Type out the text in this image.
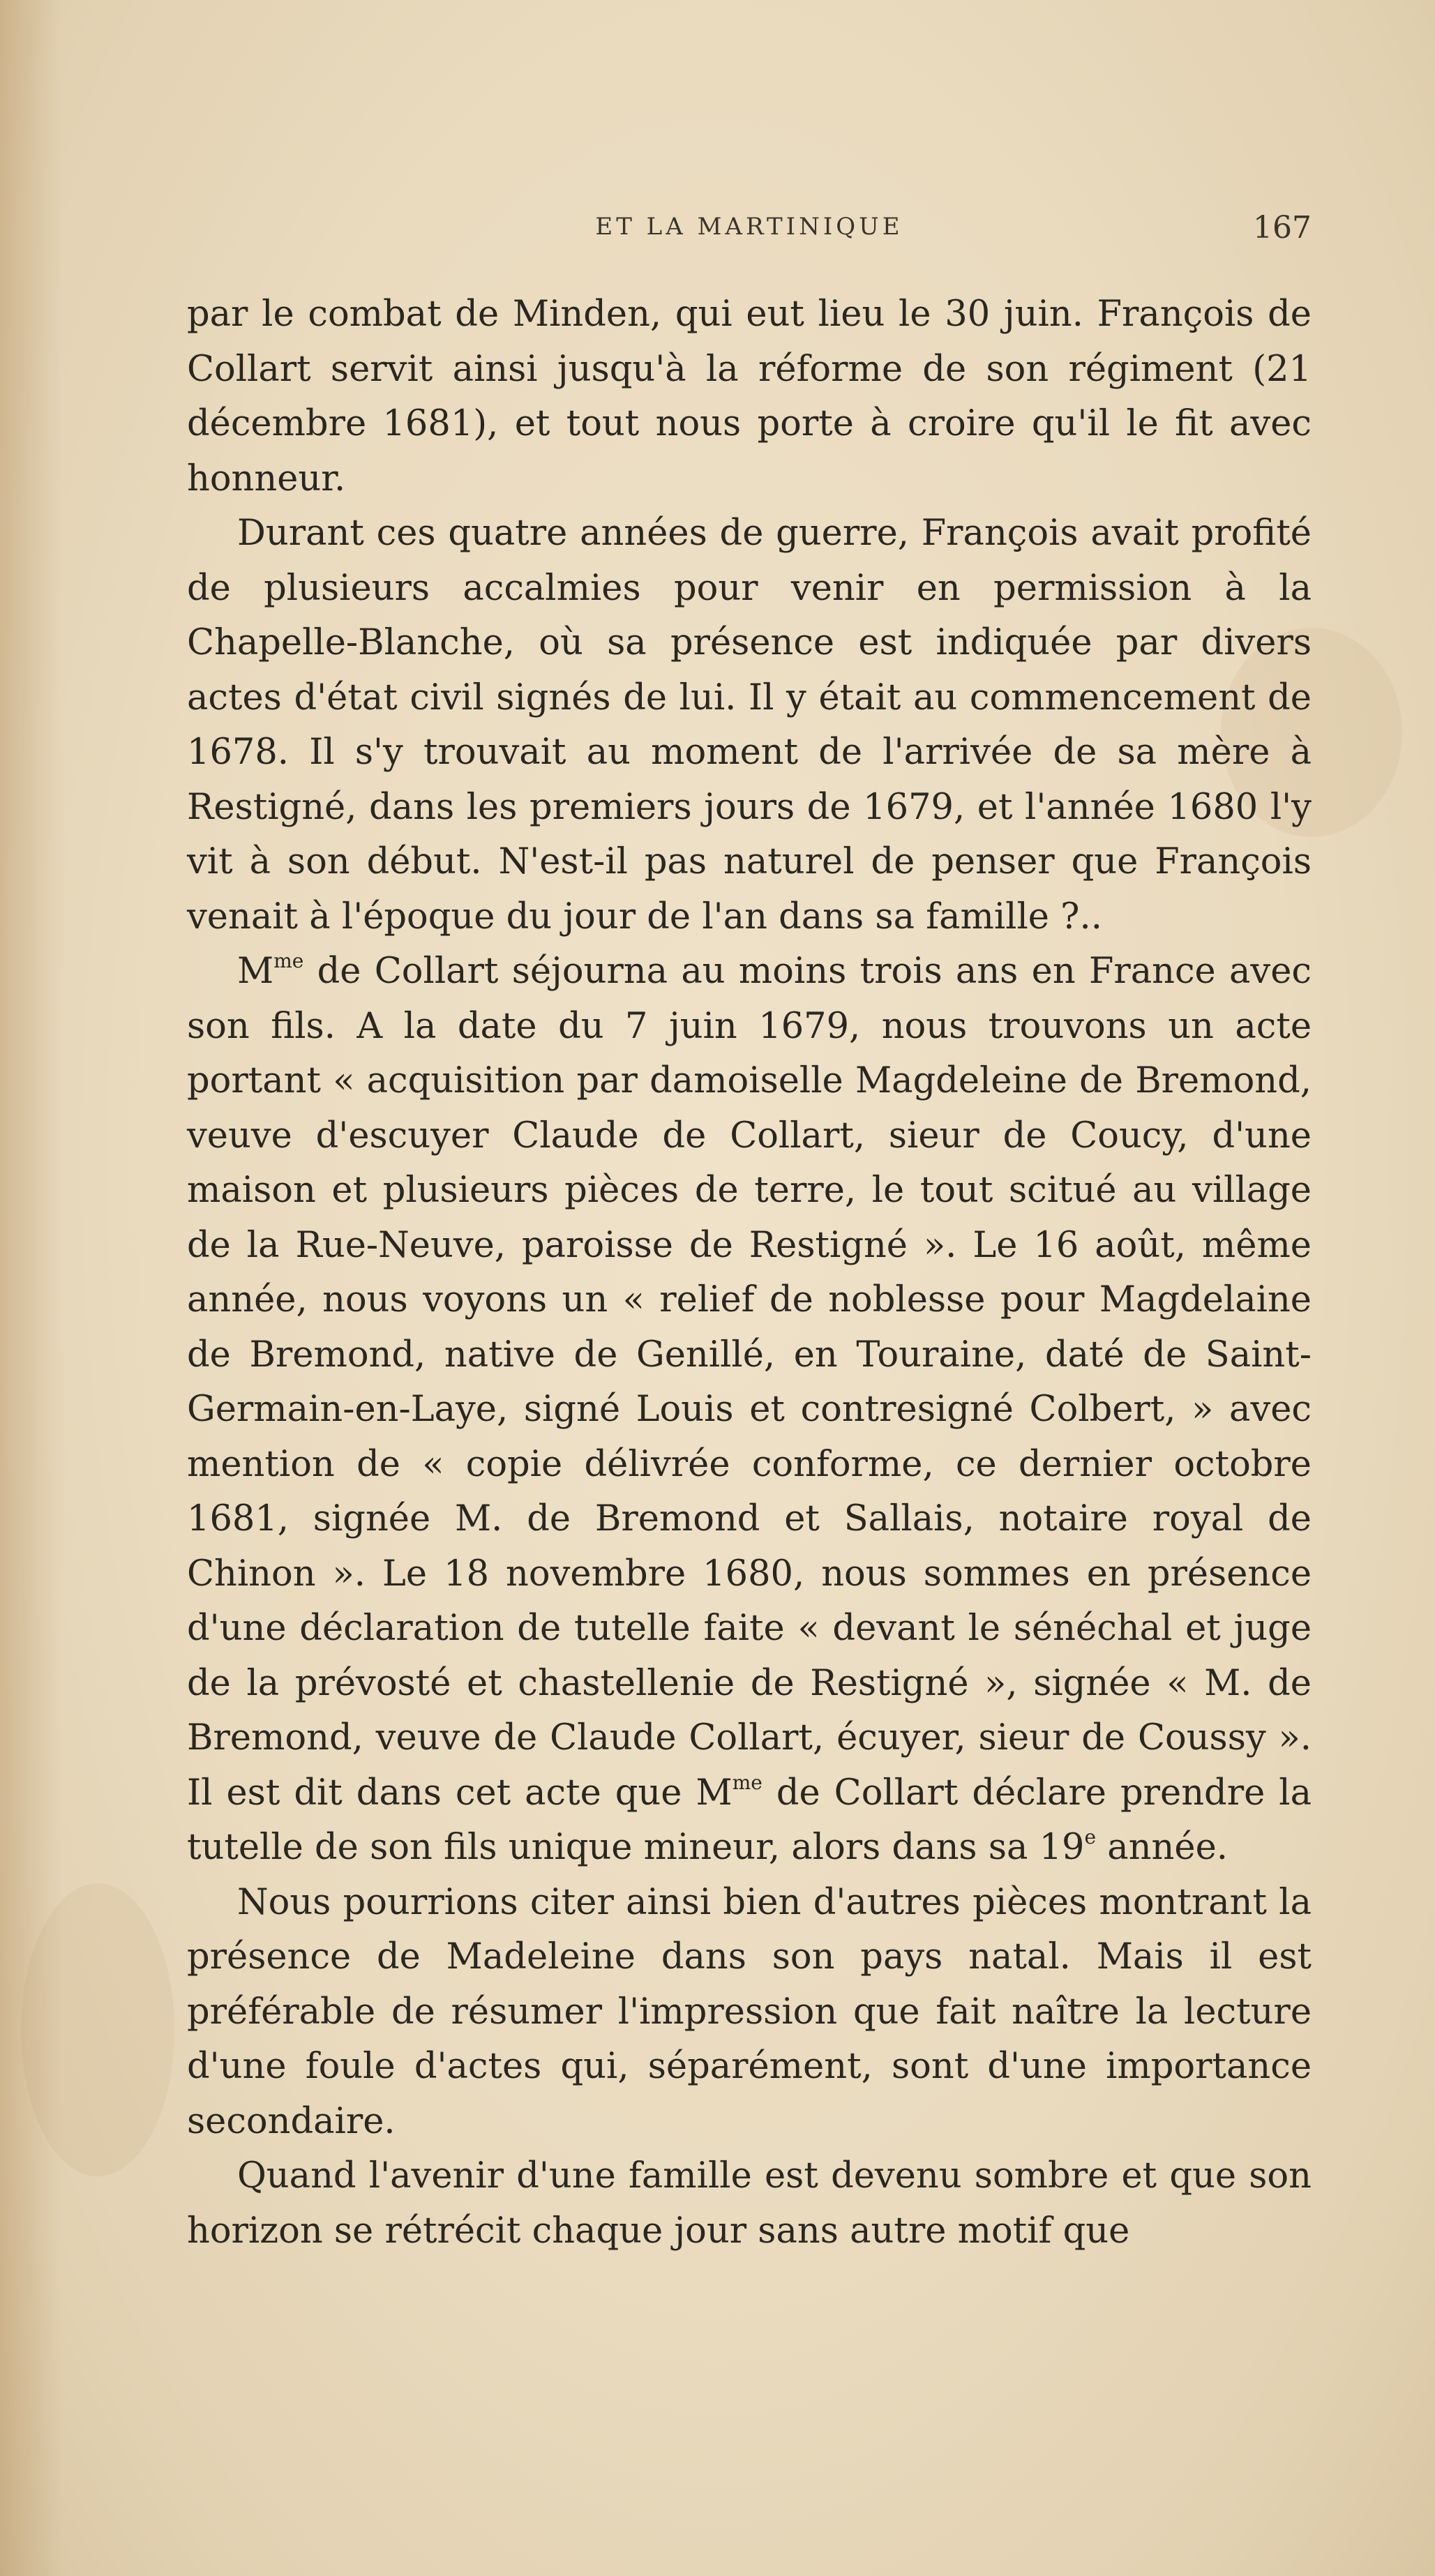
ET LA MARTINIQUE	167

par le combat de Minden, qui eut lieu le 30 juin. François de Collart servit ainsi jusqu'à la réforme de son régiment (21 décembre 1681), et tout nous porte à croire qu'il le fit avec honneur.

Durant ces quatre années de guerre, François avait profité de plusieurs accalmies pour venir en permission à la Chapelle-Blanche, où sa présence est indiquée par divers actes d'état civil signés de lui. Il y était au commencement de 1678. Il s'y trouvait au moment de l'arrivée de sa mère à Restigné, dans les premiers jours de 1679, et l'année 1680 l'y vit à son début. N'est-il pas naturel de penser que François venait à l'époque du jour de l'an dans sa famille ?..

$M^{me}$ de Collart séjourna au moins trois ans en France avec son fils. A la date du 7 juin 1679, nous trouvons un acte portant « acquisition par damoiselle Magdeleine de Bremond, veuve d'escuyer Claude de Collart, sieur de Coucy, d'une maison et plusieurs pièces de terre, le tout scitué au village de la Rue-Neuve, paroisse de Restigné ». Le 16 août, même année, nous voyons un « relief de noblesse pour Magdelaine de Bremond, native de Genillé, en Touraine, daté de Saint-Germain-en-Laye, signé Louis et contresigné Colbert, » avec mention de « copie délivrée conforme, ce dernier octobre 1681, signée M. de Bremond et Sallais, notaire royal de Chinon ». Le 18 novembre 1680, nous sommes en présence d'une déclaration de tutelle faite « devant le sénéchal et juge de la prévosté et chastellenie de Restigné », signée « M. de Bremond, veuve de Claude Collart, écuyer, sieur de Coussy ». Il est dit dans cet acte que $M^{me}$ de Collart déclare prendre la tutelle de son fils unique mineur, alors dans sa 19e année.

Nous pourrions citer ainsi bien d'autres pièces montrant la présence de Madeleine dans son pays natal. Mais il est préférable de résumer l'impression que fait naître la lecture d'une foule d'actes qui, séparément, sont d'une importance secondaire.

Quand l'avenir d'une famille est devenu sombre et que son horizon se rétrécit chaque jour sans autre motif que
